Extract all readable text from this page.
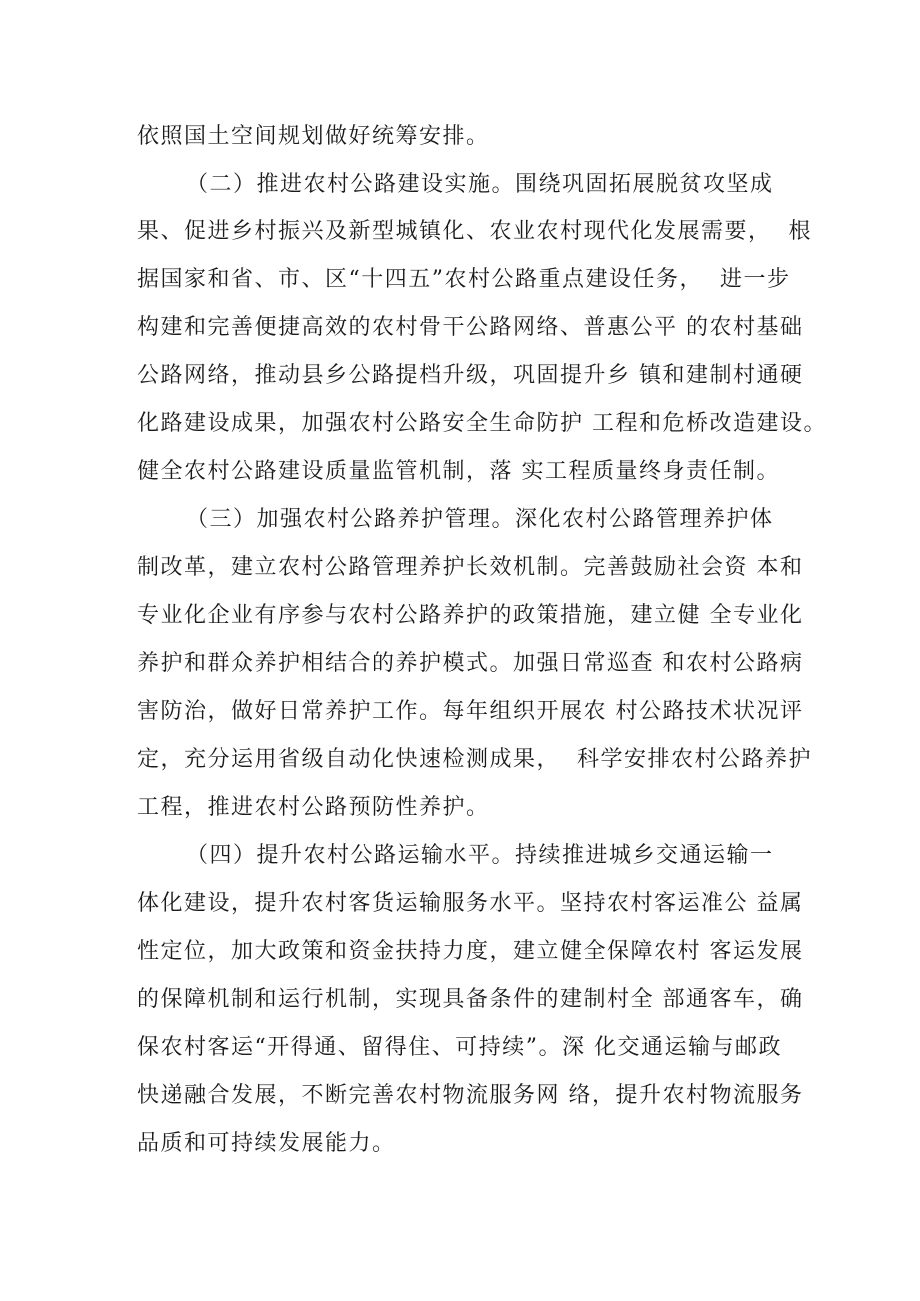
依照国土空间规划做好统筹安排。
（二）推进农村公路建设实施。围绕巩固拓展脱贫攻坚成
果、促进乡村振兴及新型城镇化、农业农村现代化发展需要，  根
据国家和省、市、区“十四五”农村公路重点建设任务，  进一步
构建和完善便捷高效的农村骨干公路网络、普惠公平 的农村基础
公路网络，推动县乡公路提档升级，巩固提升乡 镇和建制村通硬
化路建设成果，加强农村公路安全生命防护 工程和危桥改造建设。
健全农村公路建设质量监管机制，落 实工程质量终身责任制。
（三）加强农村公路养护管理。深化农村公路管理养护体
制改革，建立农村公路管理养护长效机制。完善鼓励社会资 本和
专业化企业有序参与农村公路养护的政策措施，建立健 全专业化
养护和群众养护相结合的养护模式。加强日常巡查 和农村公路病
害防治，做好日常养护工作。每年组织开展农 村公路技术状况评
定，充分运用省级自动化快速检测成果，  科学安排农村公路养护
工程，推进农村公路预防性养护。
（四）提升农村公路运输水平。持续推进城乡交通运输一
体化建设，提升农村客货运输服务水平。坚持农村客运准公 益属
性定位，加大政策和资金扶持力度，建立健全保障农村 客运发展
的保障机制和运行机制，实现具备条件的建制村全 部通客车，确
保农村客运“开得通、留得住、可持续”。深 化交通运输与邮政
快递融合发展，不断完善农村物流服务网 络，提升农村物流服务
品质和可持续发展能力。
